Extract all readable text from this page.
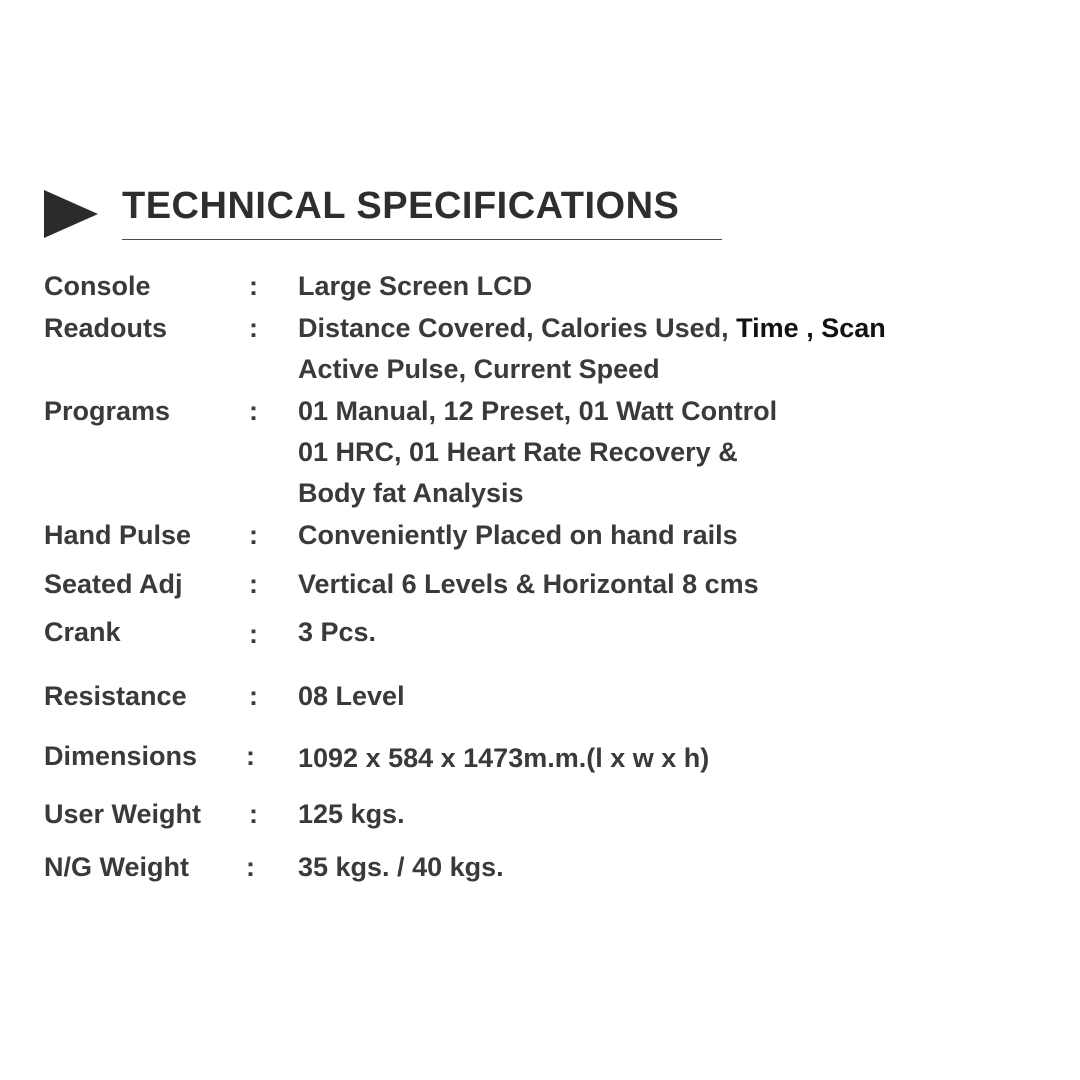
TECHNICAL SPECIFICATIONS
Console	: Large Screen LCD
Readouts	: Distance Covered, Calories Used, Time , Scan
Active Pulse, Current Speed
Programs	: 01 Manual, 12 Preset, 01 Watt Control
01 HRC, 01 Heart Rate Recovery &
Body fat Analysis
Hand Pulse : Conveniently Placed on hand rails
Seated Adj : Vertical 6 Levels & Horizontal 8 cms
Crank	: 3 Pcs.
Resistance : 08 Level
Dimensions : 1092 x 584 x 1473m.m.(l x w x h)
User Weight : 125 kgs.
N/G Weight : 35 kgs. / 40 kgs.
